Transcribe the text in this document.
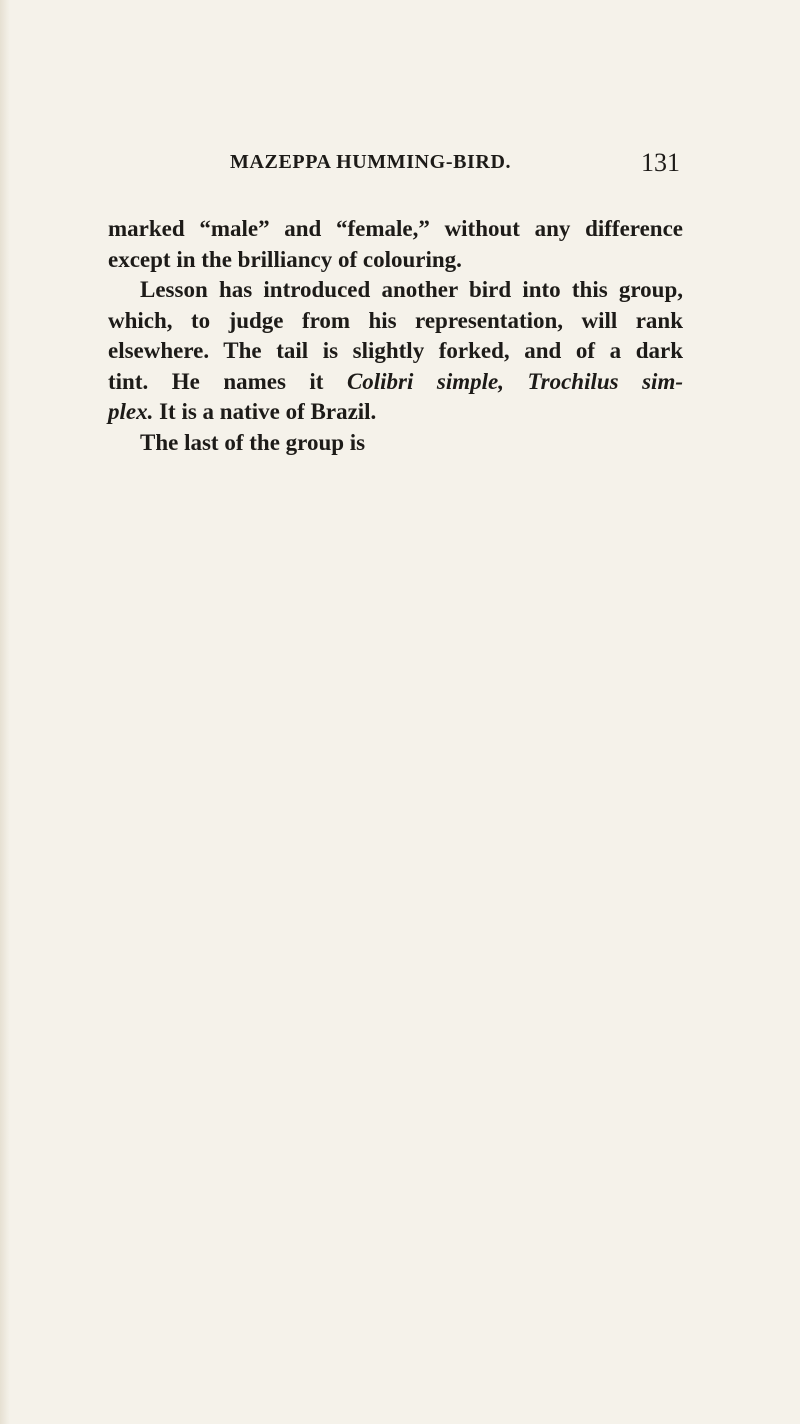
MAZEPPA HUMMING-BIRD.	131
marked “male” and “female,” without any difference
except in the brilliancy of colouring.
Lesson has introduced another bird into this group,
which, to judge from his representation, will rank
elsewhere. The tail is slightly forked, and of a dark
tint. He names it Colibri simple, Trochilus sim-
plex. It is a native of Brazil.
The last of the group is
